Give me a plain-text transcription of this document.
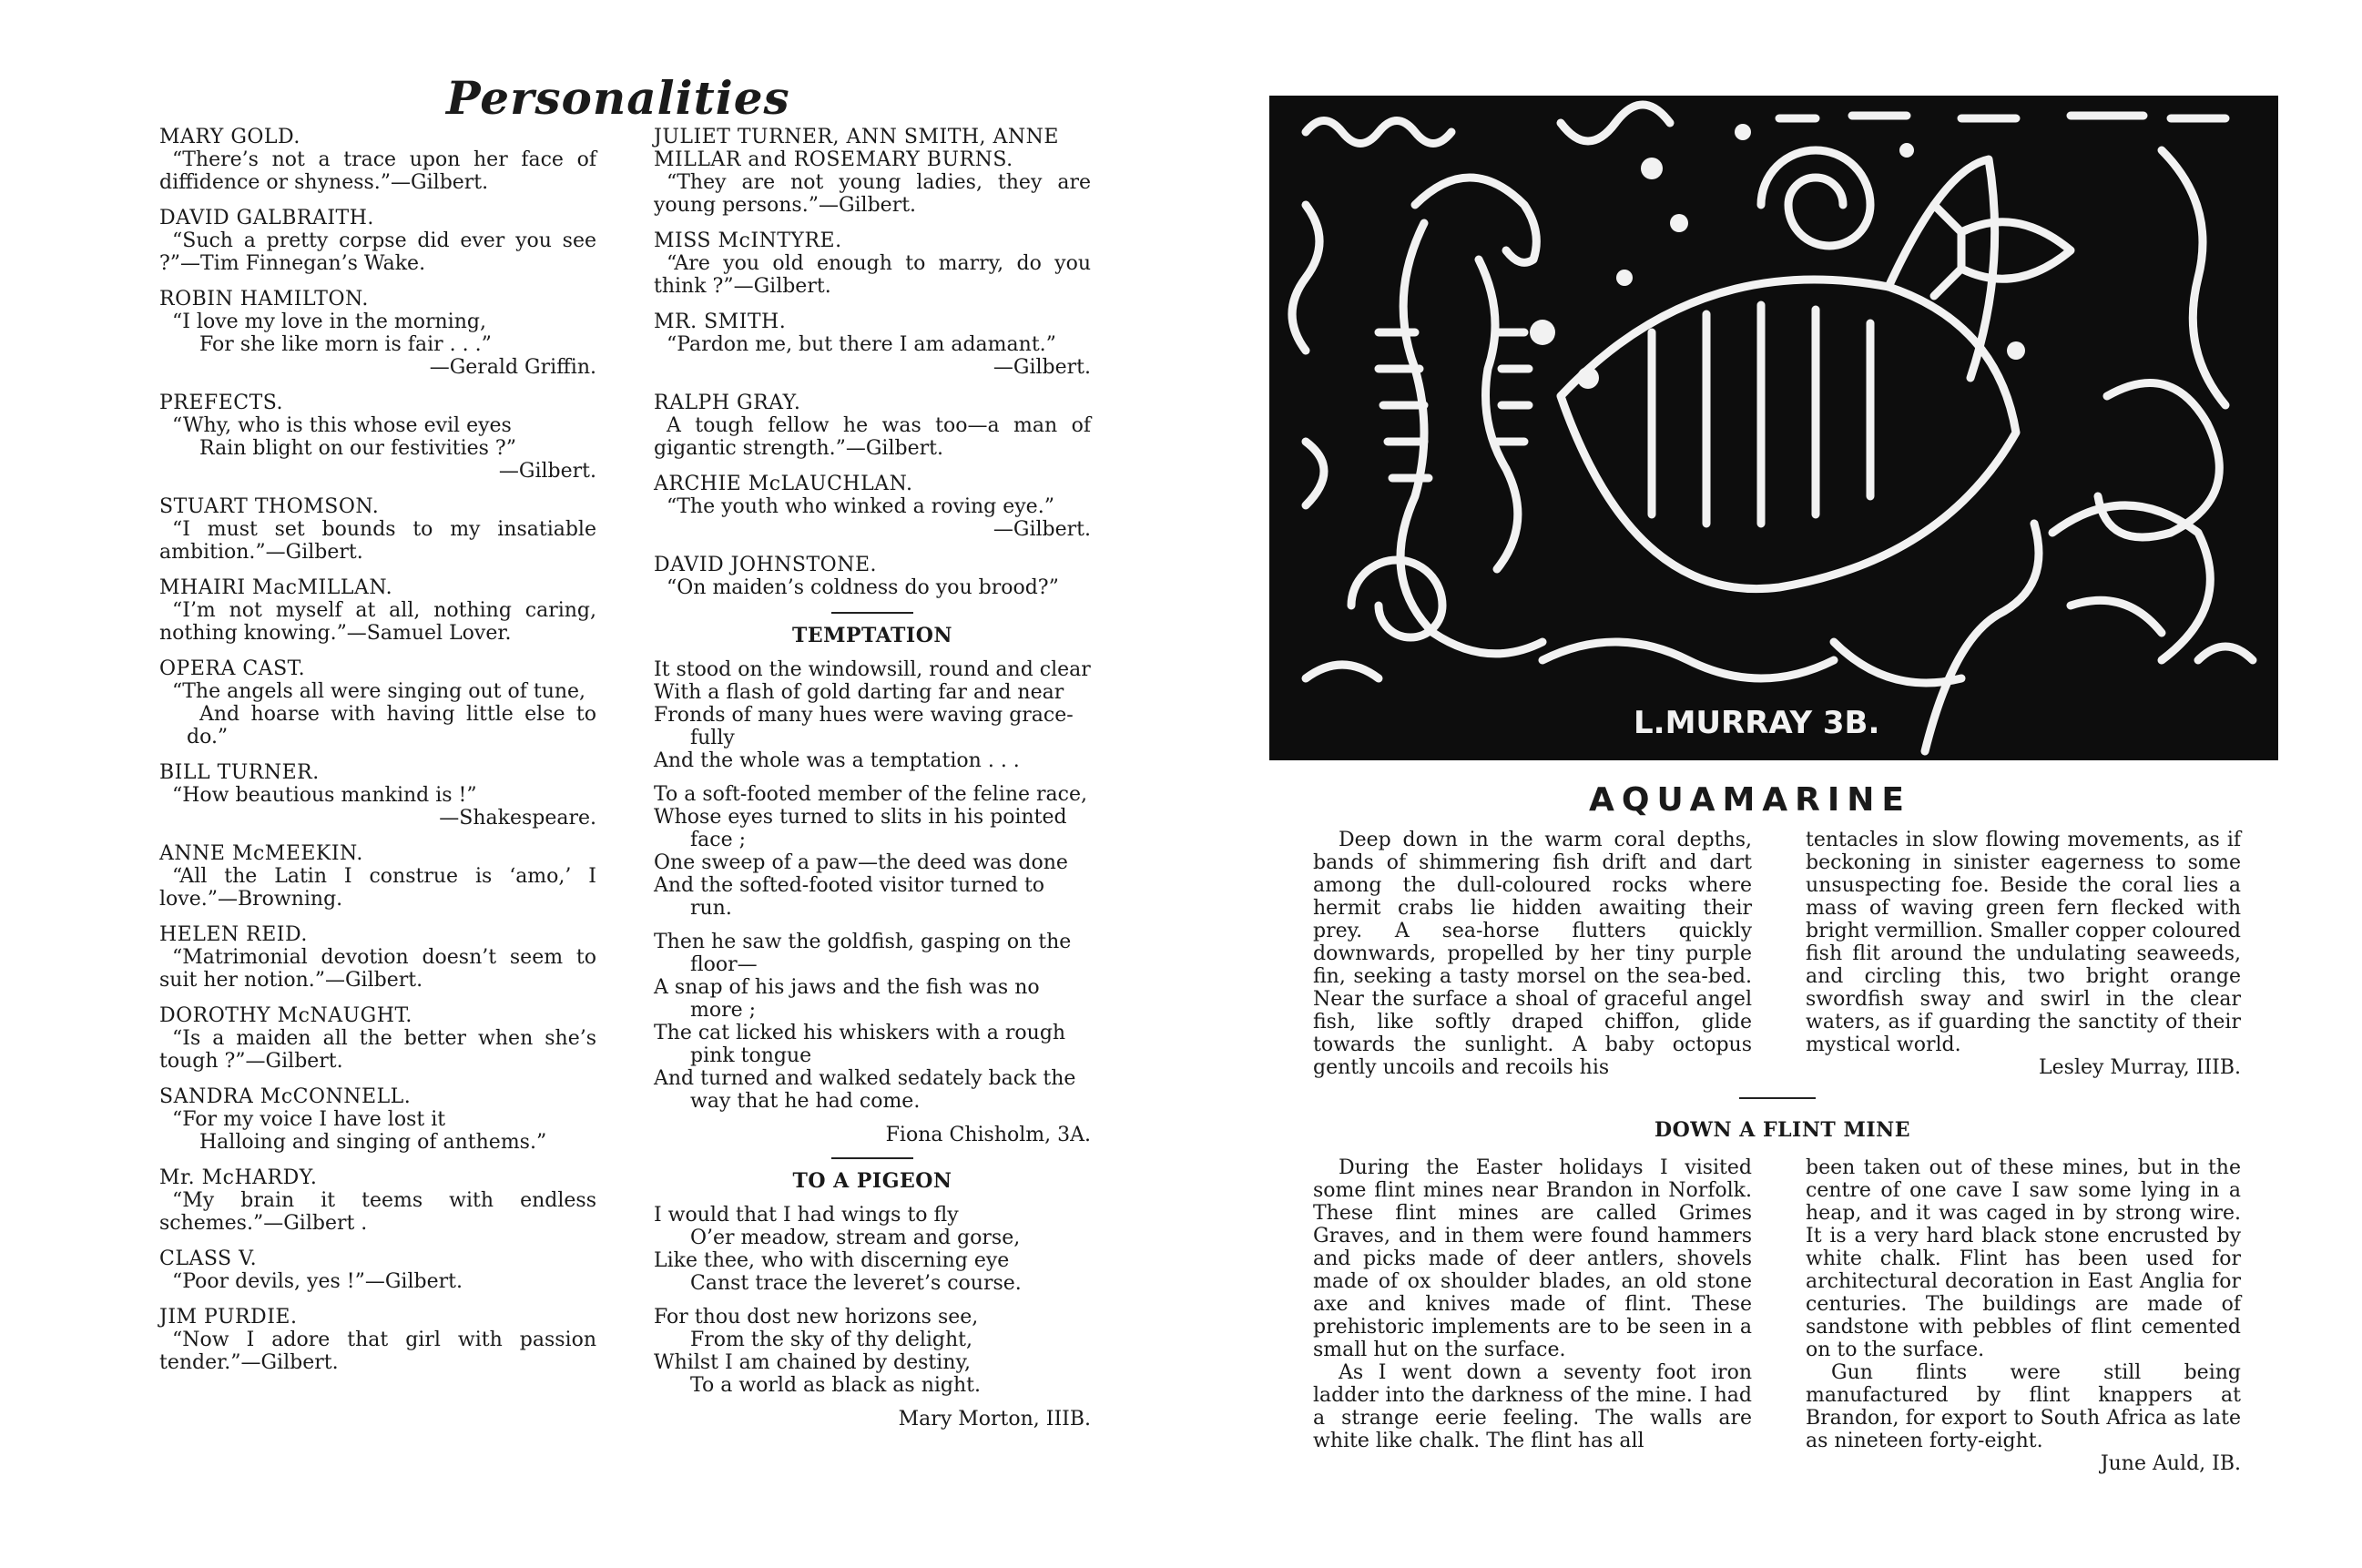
Personalities
MARY GOLD.
“There’s not a trace upon her face of diffidence or shyness.”—Gilbert.
DAVID GALBRAITH.
“Such a pretty corpse did ever you see ?”—Tim Finnegan’s Wake.
ROBIN HAMILTON.
“I love my love in the morning,
For she like morn is fair . . .”
—Gerald Griffin.
PREFECTS.
“Why, who is this whose evil eyes
Rain blight on our festivities ?”
—Gilbert.
STUART THOMSON.
“I must set bounds to my insatiable ambition.”—Gilbert.
MHAIRI MacMILLAN.
“I’m not myself at all, nothing caring, nothing knowing.”—Samuel Lover.
OPERA CAST.
“The angels all were singing out of tune,
And hoarse with having little else to do.”
BILL TURNER.
“How beautious mankind is !”
—Shakespeare.
ANNE McMEEKIN.
“All the Latin I construe is ‘amo,’ I love.”—Browning.
HELEN REID.
“Matrimonial devotion doesn’t seem to suit her notion.”—Gilbert.
DOROTHY McNAUGHT.
“Is a maiden all the better when she’s tough ?”—Gilbert.
SANDRA McCONNELL.
“For my voice I have lost it
Halloing and singing of anthems.”
Mr. McHARDY.
“My brain it teems with endless schemes.”—Gilbert .
CLASS V.
“Poor devils, yes !”—Gilbert.
JIM PURDIE.
“Now I adore that girl with passion tender.”—Gilbert.
JULIET TURNER, ANN SMITH, ANNE MILLAR and ROSEMARY BURNS.
“They are not young ladies, they are young persons.”—Gilbert.
MISS McINTYRE.
“Are you old enough to marry, do you think ?”—Gilbert.
MR. SMITH.
“Pardon me, but there I am adamant.”
—Gilbert.
RALPH GRAY.
A tough fellow he was too—a man of gigantic strength.”—Gilbert.
ARCHIE McLAUCHLAN.
“The youth who winked a roving eye.”
—Gilbert.
DAVID JOHNSTONE.
“On maiden’s coldness do you brood?”
TEMPTATION
It stood on the windowsill, round and clear
With a flash of gold darting far and near
Fronds of many hues were waving grace-
fully
And the whole was a temptation . . .
To a soft-footed member of the feline race,
Whose eyes turned to slits in his pointed
face ;
One sweep of a paw—the deed was done
And the softed-footed visitor turned to
run.
Then he saw the goldfish, gasping on the
floor—
A snap of his jaws and the fish was no
more ;
The cat licked his whiskers with a rough
pink tongue
And turned and walked sedately back the
way that he had come.
Fiona Chisholm, 3A.
TO A PIGEON
I would that I had wings to fly
O’er meadow, stream and gorse,
Like thee, who with discerning eye
Canst trace the leveret’s course.
For thou dost new horizons see,
From the sky of thy delight,
Whilst I am chained by destiny,
To a world as black as night.
Mary Morton, IIIB.
L.MURRAY 3B.
AQUAMARINE

Deep down in the warm coral depths, bands of shimmering fish drift and dart among the dull-coloured rocks where hermit crabs lie hidden awaiting their prey. A sea-horse flutters quickly downwards, propelled by her tiny purple fin, seeking a tasty morsel on the sea-bed. Near the surface a shoal of graceful angel fish, like softly draped chiffon, glide towards the sunlight. A baby octopus gently uncoils and recoils his

tentacles in slow flowing movements, as if beckoning in sinister eagerness to some unsuspecting foe. Beside the coral lies a mass of waving green fern flecked with bright vermillion. Smaller copper coloured fish flit around the undulating seaweeds, and circling this, two bright orange swordfish sway and swirl in the clear waters, as if guarding the sanctity of their mystical world.

Lesley Murray, IIIB.
DOWN A FLINT MINE

During the Easter holidays I visited some flint mines near Brandon in Norfolk. These flint mines are called Grimes Graves, and in them were found hammers and picks made of deer antlers, shovels made of ox shoulder blades, an old stone axe and knives made of flint. These prehistoric implements are to be seen in a small hut on the surface.

As I went down a seventy foot iron ladder into the darkness of the mine. I had a strange eerie feeling. The walls are white like chalk. The flint has all

been taken out of these mines, but in the centre of one cave I saw some lying in a heap, and it was caged in by strong wire. It is a very hard black stone encrusted by white chalk. Flint has been used for architectural decoration in East Anglia for centuries. The buildings are made of sandstone with pebbles of flint cemented on to the surface.

Gun flints were still being manufactured by flint knappers at Brandon, for export to South Africa as late as nineteen forty-eight.

June Auld, IB.
